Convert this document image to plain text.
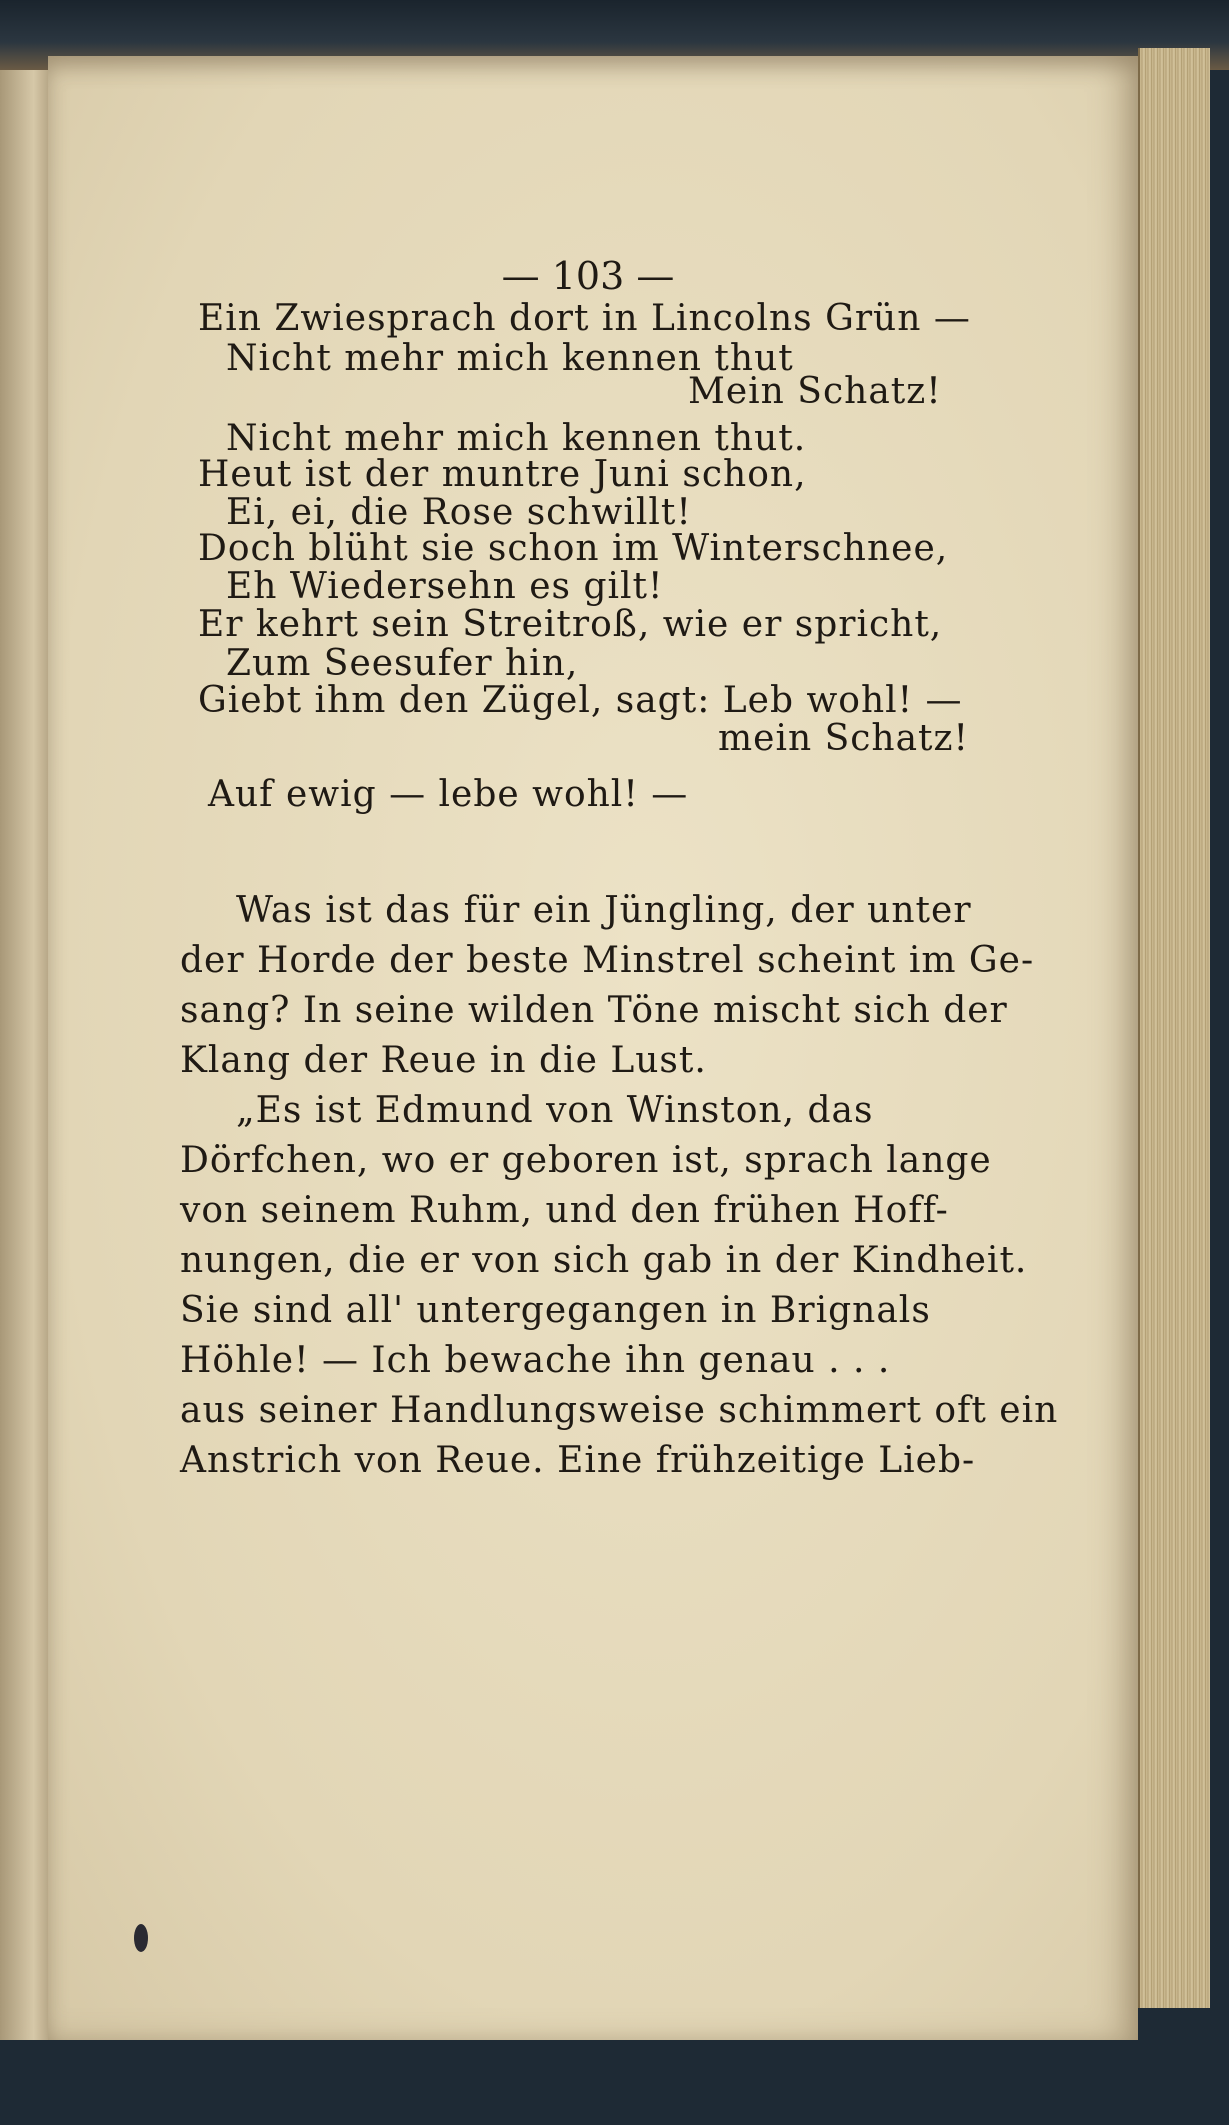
— 103 —
Ein Zwiesprach dort in Lincolns Grün —
Nicht mehr mich kennen thut
Mein Schatz!
Nicht mehr mich kennen thut.
Heut ist der muntre Juni schon,
Ei, ei, die Rose schwillt!
Doch blüht sie schon im Winterschnee,
Eh Wiedersehn es gilt!
Er kehrt sein Streitroß, wie er spricht,
Zum Seesufer hin,
Giebt ihm den Zügel, sagt: Leb wohl! —
mein Schatz!
Auf ewig — lebe wohl! —
Was ist das für ein Jüngling, der unter
der Horde der beste Minstrel scheint im Ge-
sang? In seine wilden Töne mischt sich der
Klang der Reue in die Lust.
„Es ist Edmund von Winston, das
Dörfchen, wo er geboren ist, sprach lange
von seinem Ruhm, und den frühen Hoff-
nungen, die er von sich gab in der Kindheit.
Sie sind all' untergegangen in Brignals
Höhle! — Ich bewache ihn genau . . .
aus seiner Handlungsweise schimmert oft ein
Anstrich von Reue. Eine frühzeitige Lieb-
